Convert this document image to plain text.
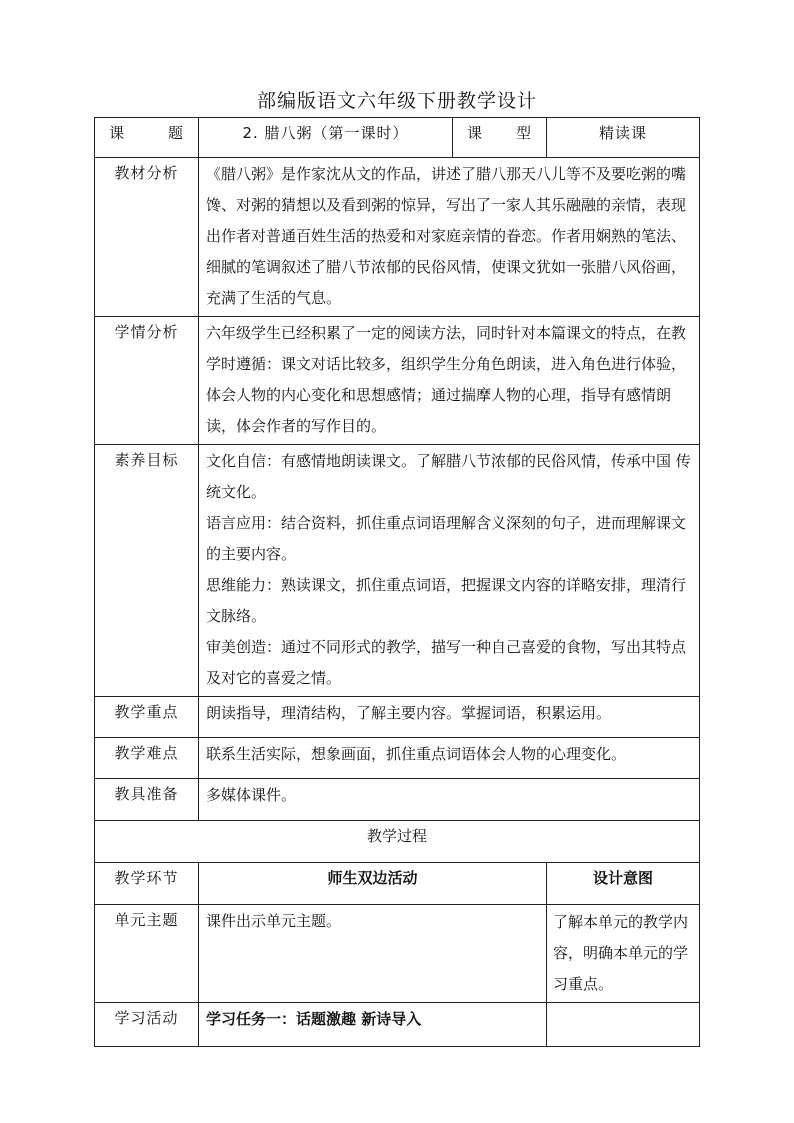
部编版语文六年级下册教学设计
课 题	2. 腊八粥（第一课时）	课 型	精读课
教材分析	《腊八粥》是作家沈从文的作品，讲述了腊八那天八儿等不及要吃粥的嘴馋、对粥的猜想以及看到粥的惊异，写出了一家人其乐融融的亲情，表现出作者对普通百姓生活的热爱和对家庭亲情的眷恋。作者用娴熟的笔法、细腻的笔调叙述了腊八节浓郁的民俗风情，使课文犹如一张腊八风俗画，充满了生活的气息。		
学情分析	六年级学生已经积累了一定的阅读方法，同时针对本篇课文的特点，在教学时遵循：课文对话比较多，组织学生分角色朗读，进入角色进行体验，体会人物的内心变化和思想感情；通过揣摩人物的心理，指导有感情朗读，体会作者的写作目的。		
素养目标	文化自信：有感情地朗读课文。了解腊八节浓郁的民俗风情，传承中国 传统文化。

语言应用：结合资料，抓住重点词语理解含义深刻的句子，进而理解课文的主要内容。

思维能力：熟读课文，抓住重点词语，把握课文内容的详略安排，理清行文脉络。

审美创造：通过不同形式的教学，描写一种自己喜爱的食物，写出其特点及对它的喜爱之情。		

教学重点	朗读指导，理清结构，了解主要内容。掌握词语，积累运用。		
教学难点	联系生活实际，想象画面，抓住重点词语体会人物的心理变化。		
教具准备	多媒体课件。		
教学过程			
教学环节	师生双边活动		设计意图
单元主题	课件出示单元主题。		了解本单元的教学内容，明确本单元的学习重点。
学习活动	学习任务一：话题激趣 新诗导入		
